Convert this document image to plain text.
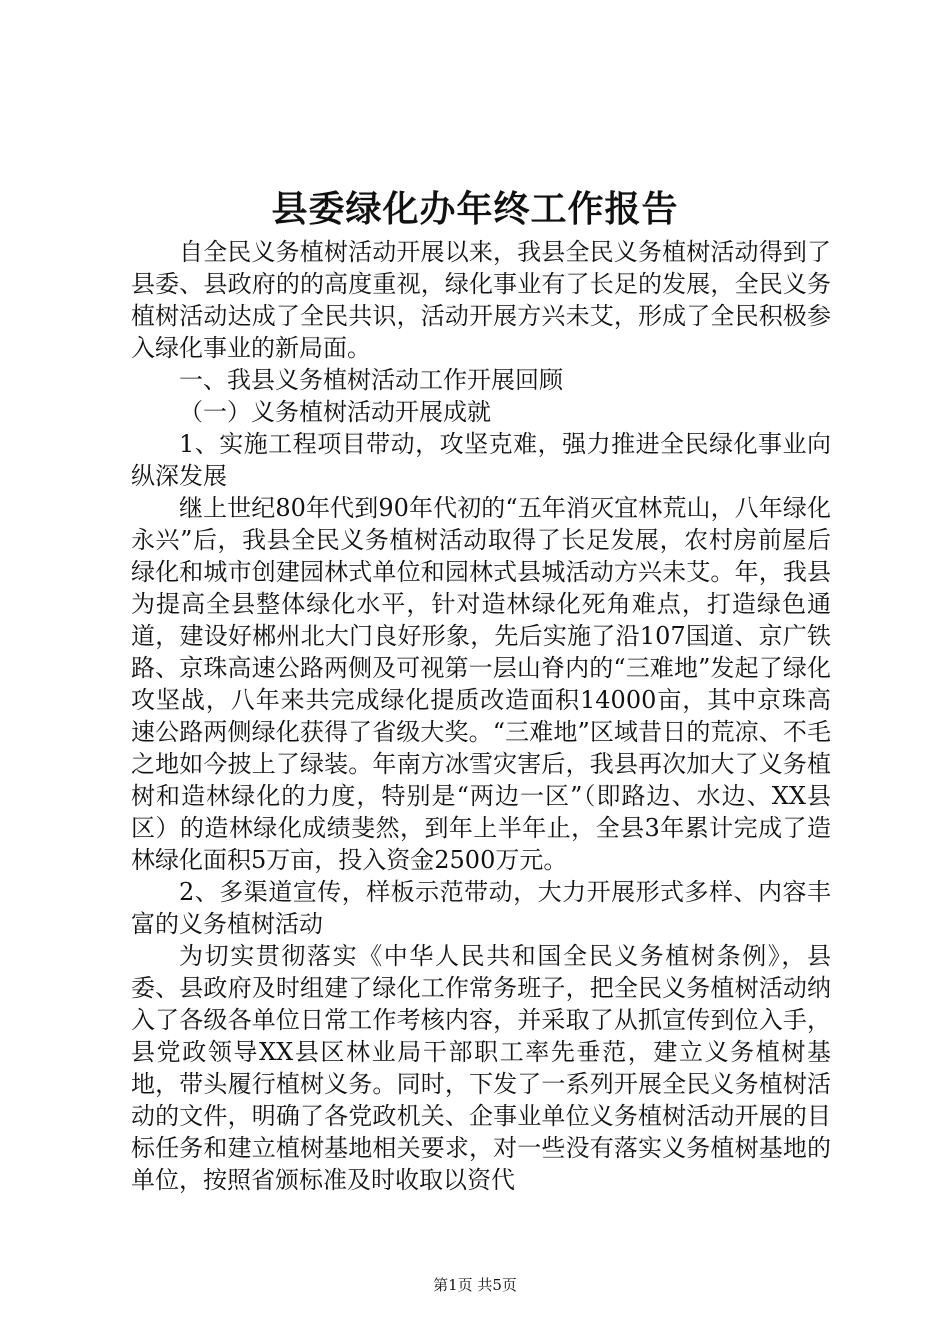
县委绿化办年终工作报告

自全民义务植树活动开展以来，我县全民义务植树活动得到了县委、县政府的的高度重视，绿化事业有了长足的发展，全民义务植树活动达成了全民共识，活动开展方兴未艾，形成了全民积极参入绿化事业的新局面。

一、我县义务植树活动工作开展回顾

（一）义务植树活动开展成就

1、实施工程项目带动，攻坚克难，强力推进全民绿化事业向纵深发展

继上世纪80年代到90年代初的“五年消灭宜林荒山，八年绿化永兴”后，我县全民义务植树活动取得了长足发展，农村房前屋后绿化和城市创建园林式单位和园林式县城活动方兴未艾。年，我县为提高全县整体绿化水平，针对造林绿化死角难点，打造绿色通道，建设好郴州北大门良好形象，先后实施了沿107国道、京广铁路、京珠高速公路两侧及可视第一层山脊内的“三难地”发起了绿化攻坚战，八年来共完成绿化提质改造面积14000亩，其中京珠高速公路两侧绿化获得了省级大奖。“三难地”区域昔日的荒凉、不毛之地如今披上了绿装。年南方冰雪灾害后，我县再次加大了义务植树和造林绿化的力度，特别是“两边一区”（即路边、水边、XX县区）的造林绿化成绩斐然，到年上半年止，全县3年累计完成了造林绿化面积5万亩，投入资金2500万元。

2、多渠道宣传，样板示范带动，大力开展形式多样、内容丰富的义务植树活动

为切实贯彻落实《中华人民共和国全民义务植树条例》，县委、县政府及时组建了绿化工作常务班子，把全民义务植树活动纳入了各级各单位日常工作考核内容，并采取了从抓宣传到位入手，县党政领导XX县区林业局干部职工率先垂范，建立义务植树基地，带头履行植树义务。同时，下发了一系列开展全民义务植树活动的文件，明确了各党政机关、企事业单位义务植树活动开展的目标任务和建立植树基地相关要求，对一些没有落实义务植树基地的单位，按照省颁标准及时收取以资代

第1页 共5页
